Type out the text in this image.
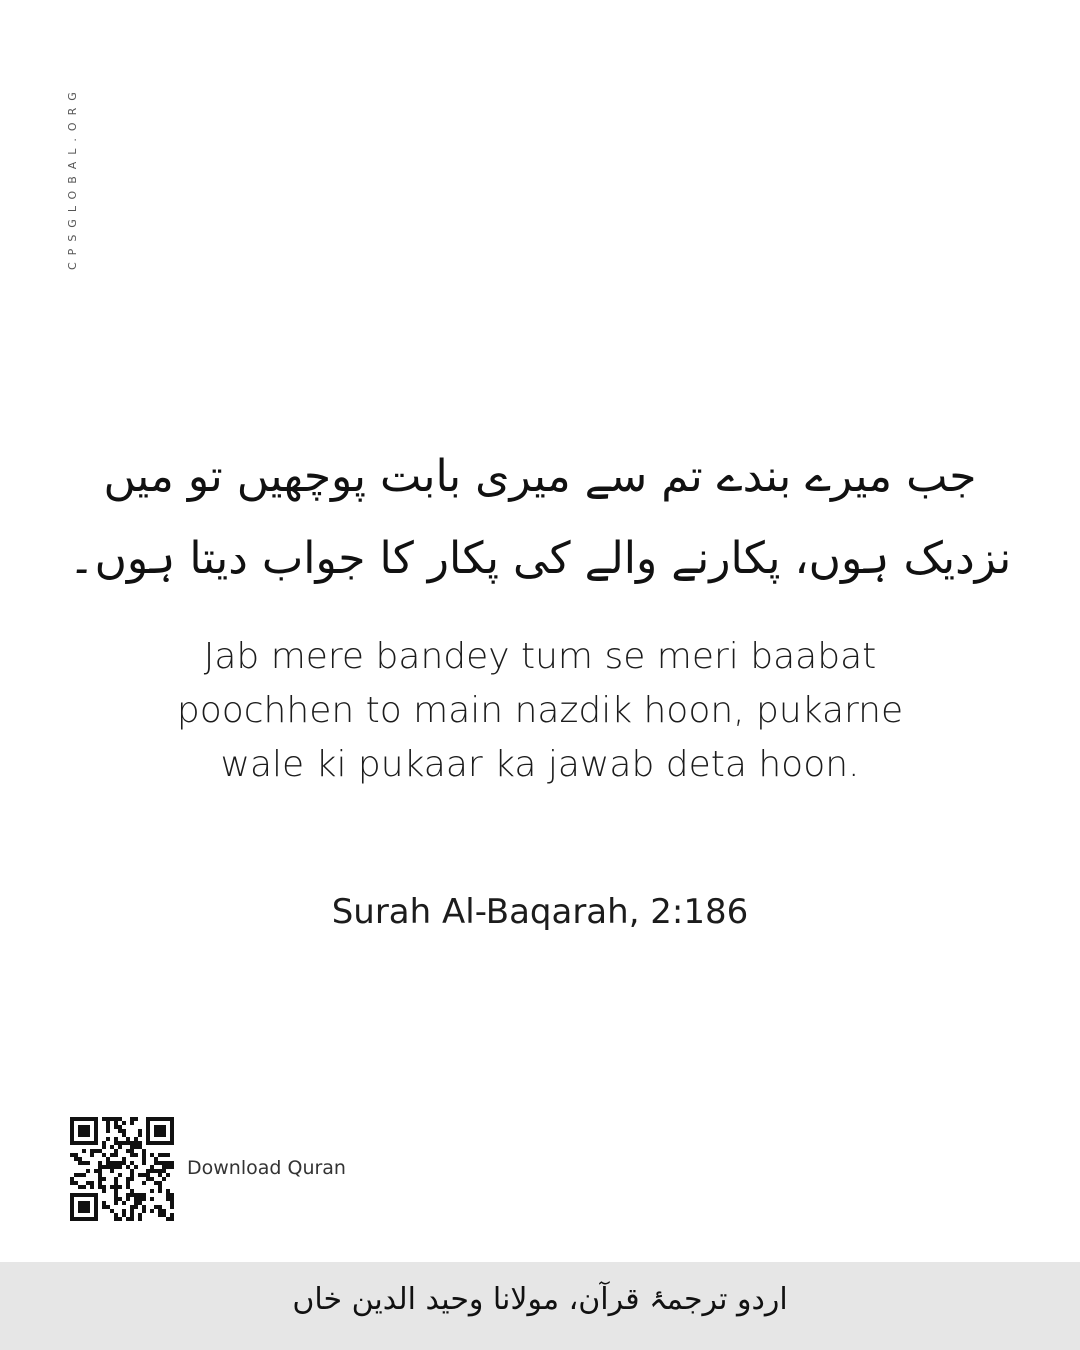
CPSGLOBAL.ORG
جب میرے بندے تم سے میری بابت پوچھیں تو میں
نزدیک ہوں، پکارنے والے کی پکار کا جواب دیتا ہوں۔
Jab mere bandey tum se meri baabat
poochhen to main nazdik hoon, pukarne
wale ki pukaar ka jawab deta hoon.
Surah Al-Baqarah, 2:186
Download Quran
اردو ترجمۂ قرآن، مولانا وحید الدین خاں
